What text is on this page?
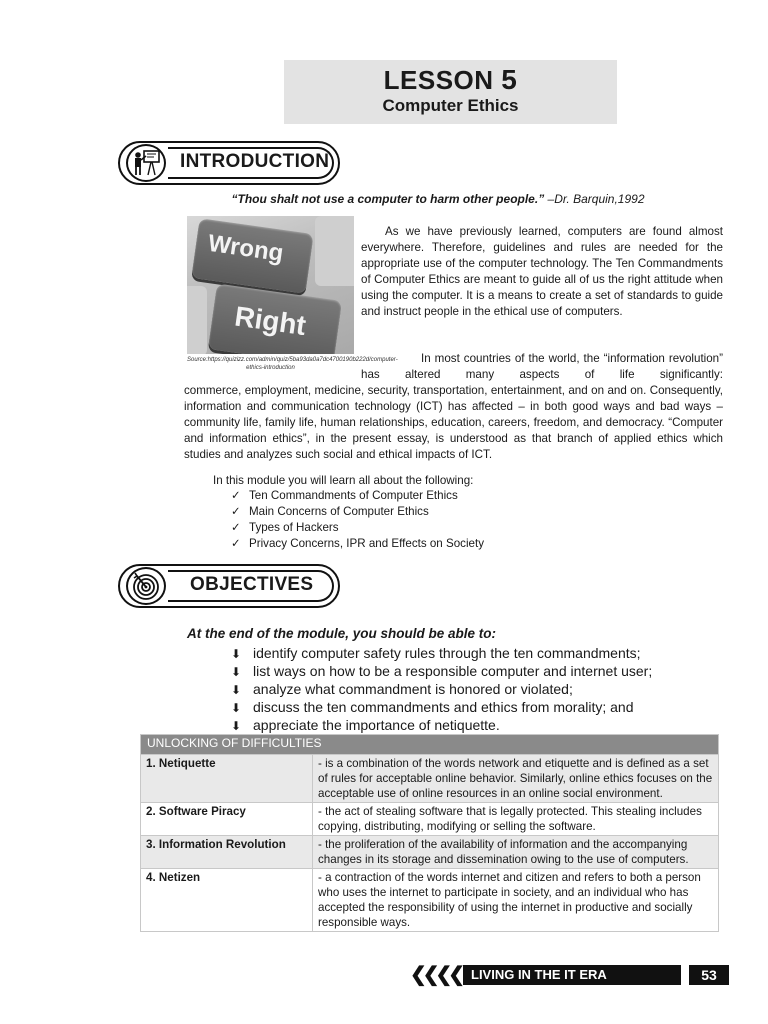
LESSON 5
Computer Ethics
INTRODUCTION
“Thou shalt not use a computer to harm other people.” –Dr. Barquin,1992
Wrong
Right
Source:https://quizizz.com/admin/quiz/5ba93da0a7dc4700190b222d/computer-ethics-introduction

As we have previously learned, computers are found almost everywhere. Therefore, guidelines and rules are needed for the appropriate use of the computer technology. The Ten Commandments of Computer Ethics are meant to guide all of us the right attitude when using the computer. It is a means to create a set of standards to guide and instruct people in the ethical use of computers.

In most countries of the world, the “information revolution” has altered many aspects of life significantly:

commerce, employment, medicine, security, transportation, entertainment, and on and on. Consequently, information and communication technology (ICT) has affected – in both good ways and bad ways – community life, family life, human relationships, education, careers, freedom, and democracy. “Computer and information ethics”, in the present essay, is understood as that branch of applied ethics which studies and analyzes such social and ethical impacts of ICT.

In this module you will learn all about the following:
✓ Ten Commandments of Computer Ethics
✓ Main Concerns of Computer Ethics
✓ Types of Hackers
✓ Privacy Concerns, IPR and Effects on Society
OBJECTIVES
At the end of the module, you should be able to:
⬇ identify computer safety rules through the ten commandments;
⬇ list ways on how to be a responsible computer and internet user;
⬇ analyze what commandment is honored or violated;
⬇ discuss the ten commandments and ethics from morality; and
⬇ appreciate the importance of netiquette.
UNLOCKING OF DIFFICULTIES	
1. Netiquette	- is a combination of the words network and etiquette and is defined as a set of rules for acceptable online behavior. Similarly, online ethics focuses on the acceptable use of online resources in an online social environment.
2. Software Piracy	- the act of stealing software that is legally protected. This stealing includes copying, distributing, modifying or selling the software.
3. Information Revolution	- the proliferation of the availability of information and the accompanying changes in its storage and dissemination owing to the use of computers.
4. Netizen	- a contraction of the words internet and citizen and refers to both a person who uses the internet to participate in society, and an individual who has accepted the responsibility of using the internet in productive and socially responsible ways.
❮❮❮❮ LIVING IN THE IT ERA	53
